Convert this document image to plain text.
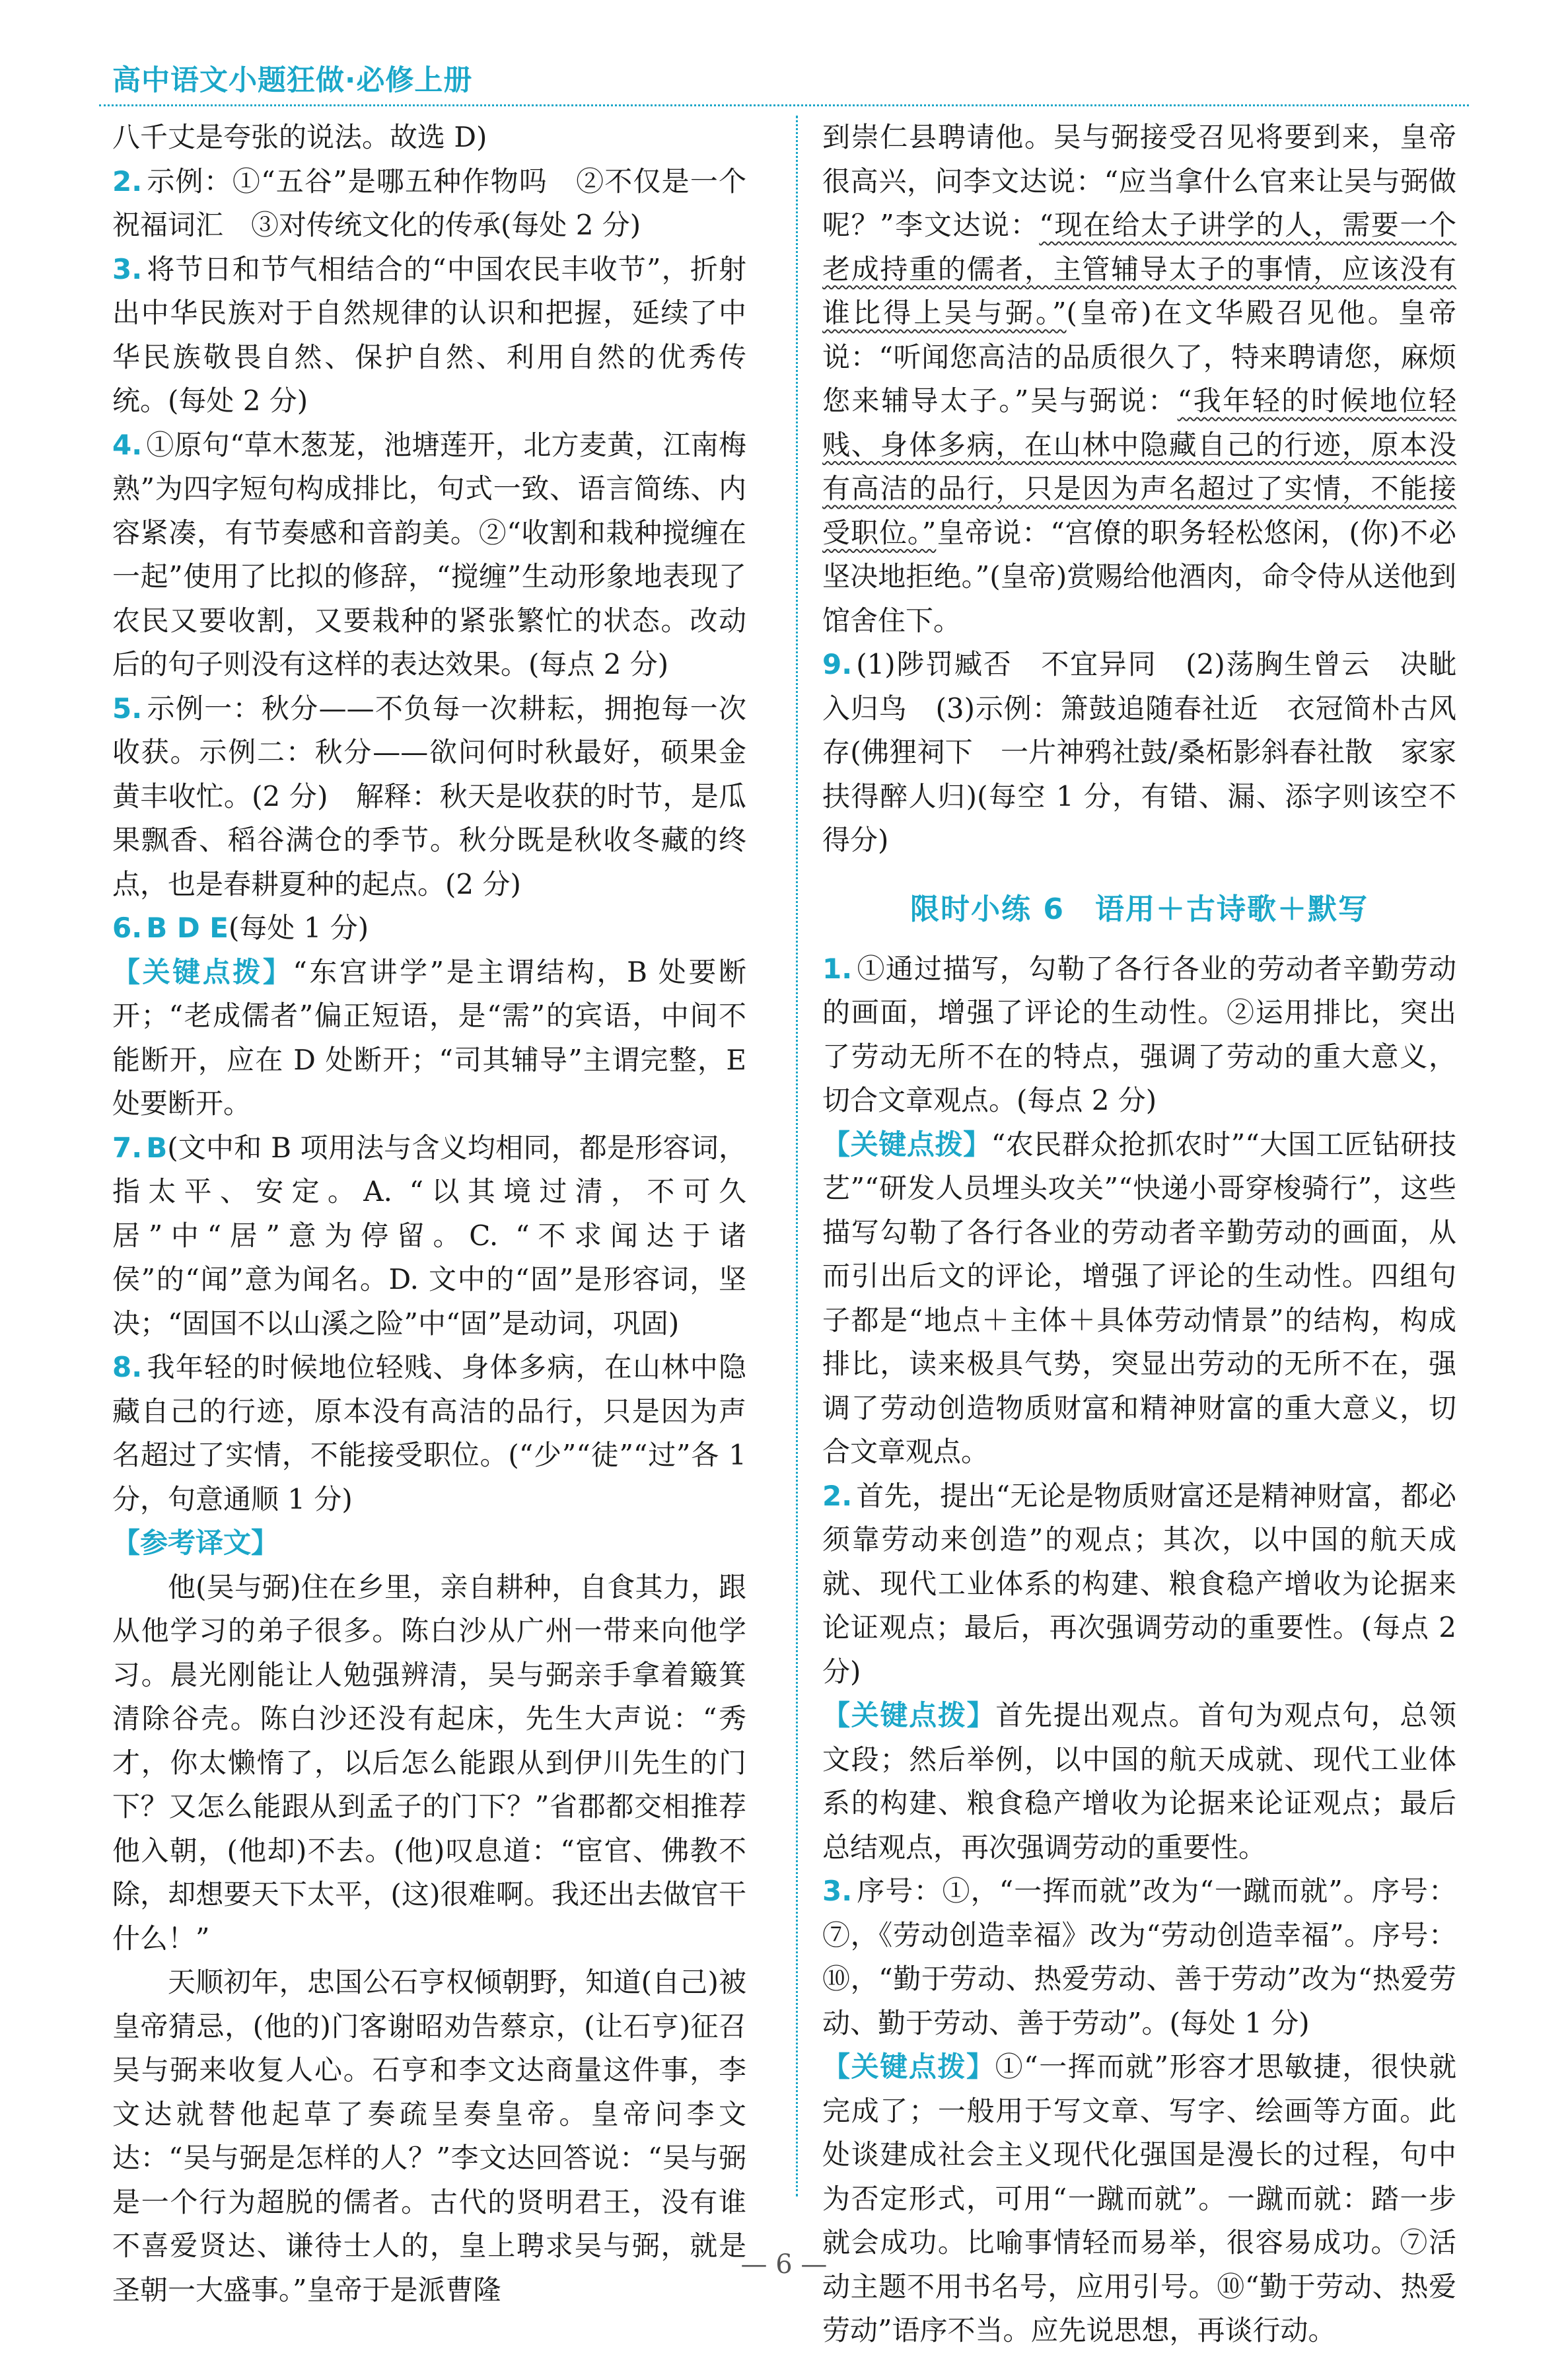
高中语文小题狂做·必修上册

八千丈是夸张的说法。故选 D)

2. 示例：①“五谷”是哪五种作物吗　②不仅是一个祝福词汇　③对传统文化的传承(每处 2 分)

3. 将节日和节气相结合的“中国农民丰收节”，折射出中华民族对于自然规律的认识和把握，延续了中华民族敬畏自然、保护自然、利用自然的优秀传统。(每处 2 分)

4. ①原句“草木葱茏，池塘莲开，北方麦黄，江南梅熟”为四字短句构成排比，句式一致、语言简练、内容紧凑，有节奏感和音韵美。②“收割和栽种搅缠在一起”使用了比拟的修辞，“搅缠”生动形象地表现了农民又要收割，又要栽种的紧张繁忙的状态。改动后的句子则没有这样的表达效果。(每点 2 分)

5. 示例一：秋分——不负每一次耕耘，拥抱每一次收获。示例二：秋分——欲问何时秋最好，硕果金黄丰收忙。(2 分)　解释：秋天是收获的时节，是瓜果飘香、稻谷满仓的季节。秋分既是秋收冬藏的终点，也是春耕夏种的起点。(2 分)

6. B D E(每处 1 分)

【关键点拨】“东宫讲学”是主谓结构，B 处要断开；“老成儒者”偏正短语，是“需”的宾语，中间不能断开，应在 D 处断开；“司其辅导”主谓完整，E 处要断开。

7. B(文中和 B 项用法与含义均相同，都是形容词，指太平、安定。A. “以其境过清，不可久居”中“居”意为停留。C. “不求闻达于诸侯”的“闻”意为闻名。D. 文中的“固”是形容词，坚决；“固国不以山溪之险”中“固”是动词，巩固)

8. 我年轻的时候地位轻贱、身体多病，在山林中隐藏自己的行迹，原本没有高洁的品行，只是因为声名超过了实情，不能接受职位。(“少”“徒”“过”各 1 分，句意通顺 1 分)

【参考译文】

他(吴与弼)住在乡里，亲自耕种，自食其力，跟从他学习的弟子很多。陈白沙从广州一带来向他学习。晨光刚能让人勉强辨清，吴与弼亲手拿着簸箕清除谷壳。陈白沙还没有起床，先生大声说：“秀才，你太懒惰了，以后怎么能跟从到伊川先生的门下？又怎么能跟从到孟子的门下？”省郡都交相推荐他入朝，(他却)不去。(他)叹息道：“宦官、佛教不除，却想要天下太平，(这)很难啊。我还出去做官干什么！”

天顺初年，忠国公石亨权倾朝野，知道(自己)被皇帝猜忌，(他的)门客谢昭劝告蔡京，(让石亨)征召吴与弼来收复人心。石亨和李文达商量这件事，李文达就替他起草了奏疏呈奏皇帝。皇帝问李文达：“吴与弼是怎样的人？”李文达回答说：“吴与弼是一个行为超脱的儒者。古代的贤明君王，没有谁不喜爱贤达、谦待士人的，皇上聘求吴与弼，就是圣朝一大盛事。”皇帝于是派曹隆

到崇仁县聘请他。吴与弼接受召见将要到来，皇帝很高兴，问李文达说：“应当拿什么官来让吴与弼做呢？”李文达说：“现在给太子讲学的人，需要一个老成持重的儒者，主管辅导太子的事情，应该没有谁比得上吴与弼。”(皇帝)在文华殿召见他。皇帝说：“听闻您高洁的品质很久了，特来聘请您，麻烦您来辅导太子。”吴与弼说：“我年轻的时候地位轻贱、身体多病，在山林中隐藏自己的行迹，原本没有高洁的品行，只是因为声名超过了实情，不能接受职位。”皇帝说：“宫僚的职务轻松悠闲，(你)不必坚决地拒绝。”(皇帝)赏赐给他酒肉，命令侍从送他到馆舍住下。

9. (1)陟罚臧否　不宜异同　(2)荡胸生曾云　决眦入归鸟　(3)示例：箫鼓追随春社近　衣冠简朴古风存(佛狸祠下　一片神鸦社鼓/桑柘影斜春社散　家家扶得醉人归)(每空 1 分，有错、漏、添字则该空不得分)

限时小练 6　语用＋古诗歌＋默写

1. ①通过描写，勾勒了各行各业的劳动者辛勤劳动的画面，增强了评论的生动性。②运用排比，突出了劳动无所不在的特点，强调了劳动的重大意义，切合文章观点。(每点 2 分)

【关键点拨】“农民群众抢抓农时”“大国工匠钻研技艺”“研发人员埋头攻关”“快递小哥穿梭骑行”，这些描写勾勒了各行各业的劳动者辛勤劳动的画面，从而引出后文的评论，增强了评论的生动性。四组句子都是“地点＋主体＋具体劳动情景”的结构，构成排比，读来极具气势，突显出劳动的无所不在，强调了劳动创造物质财富和精神财富的重大意义，切合文章观点。

2. 首先，提出“无论是物质财富还是精神财富，都必须靠劳动来创造”的观点；其次，以中国的航天成就、现代工业体系的构建、粮食稳产增收为论据来论证观点；最后，再次强调劳动的重要性。(每点 2 分)

【关键点拨】首先提出观点。首句为观点句，总领文段；然后举例，以中国的航天成就、现代工业体系的构建、粮食稳产增收为论据来论证观点；最后总结观点，再次强调劳动的重要性。

3. 序号：①，“一挥而就”改为“一蹴而就”。序号：⑦，《劳动创造幸福》改为“劳动创造幸福”。序号：⑩，“勤于劳动、热爱劳动、善于劳动”改为“热爱劳动、勤于劳动、善于劳动”。(每处 1 分)

【关键点拨】①“一挥而就”形容才思敏捷，很快就完成了；一般用于写文章、写字、绘画等方面。此处谈建成社会主义现代化强国是漫长的过程，句中为否定形式，可用“一蹴而就”。一蹴而就：踏一步就会成功。比喻事情轻而易举，很容易成功。⑦活动主题不用书名号，应用引号。⑩“勤于劳动、热爱劳动”语序不当。应先说思想，再谈行动。

— 6 —
